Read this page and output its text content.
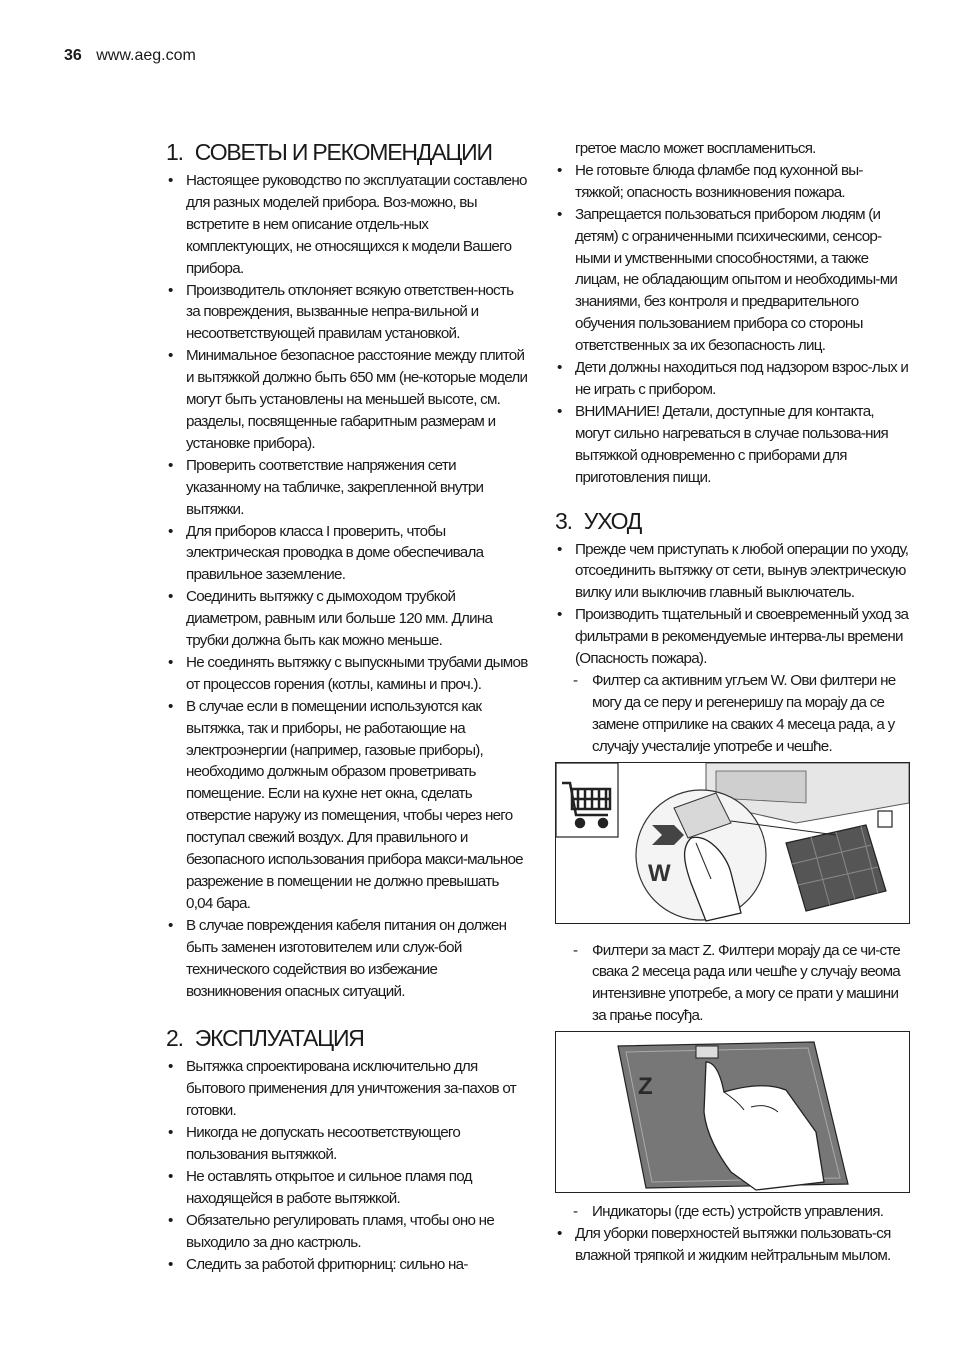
36 www.aeg.com
1. СОВЕТЫ И РЕКОМЕНДАЦИИ
• Настоящее руководство по эксплуатации составлено для разных моделей прибора. Воз-можно, вы встретите в нем описание отдель-ных комплектующих, не относящихся к модели Вашего прибора.
• Производитель отклоняет всякую ответствен-ность за повреждения, вызванные непра-вильной и несоответствующей правилам установкой.
• Минимальное безопасное расстояние между плитой и вытяжкой должно быть 650 мм (не-которые модели могут быть установлены на меньшей высоте, см. разделы, посвященные габаритным размерам и установке прибора).
• Проверить соответствие напряжения сети указанному на табличке, закрепленной внутри вытяжки.
• Для приборов класса I проверить, чтобы электрическая проводка в доме обеспечивала правильное заземление.
• Соединить вытяжку с дымоходом трубкой диаметром, равным или больше 120 мм. Длина трубки должна быть как можно меньше.
• Не соединять вытяжку с выпускными трубами дымов от процессов горения (котлы, камины и проч.).
• В случае если в помещении используются как вытяжка, так и приборы, не работающие на электроэнергии (например, газовые приборы), необходимо должным образом проветривать помещение. Если на кухне нет окна, сделать отверстие наружу из помещения, чтобы через него поступал свежий воздух. Для правильного и безопасного использования прибора макси-мальное разрежение в помещении не должно превышать 0,04 бара.
• В случае повреждения кабеля питания он должен быть заменен изготовителем или служ-бой технического содействия во избежание возникновения опасных ситуаций.
2. ЭКСПЛУАТАЦИЯ
• Вытяжка спроектирована исключительно для бытового применения для уничтожения за-пахов от готовки.
• Никогда не допускать несоответствующего пользования вытяжкой.
• Не оставлять открытое и сильное пламя под находящейся в работе вытяжкой.
• Обязательно регулировать пламя, чтобы оно не выходило за дно кастрюль.
• Следить за работой фритюрниц: сильно на-
гретое масло может воспламениться.
• Не готовьте блюда фламбе под кухонной вы-тяжкой; опасность возникновения пожара.
• Запрещается пользоваться прибором людям (и детям) с ограниченными психическими, сенсор-ными и умственными способностями, а также лицам, не обладающим опытом и необходимы-ми знаниями, без контроля и предварительного обучения пользованием прибора со стороны ответственных за их безопасность лиц.
• Дети должны находиться под надзором взрос-лых и не играть с прибором.
• ВНИМАНИЕ! Детали, доступные для контакта, могут сильно нагреваться в случае пользова-ния вытяжкой одновременно с приборами для приготовления пищи.
3. УХОД
• Прежде чем приступать к любой операции по уходу, отсоединить вытяжку от сети, вынув электрическую вилку или выключив главный выключатель.
• Производить тщательный и своевременный уход за фильтрами в рекомендуемые интерва-лы времени (Опасность пожара).
- Филтер са активним угљем W. Ови филтери не могу да се перу и регенеришу па морају да се замене отприлике на сваких 4 месеца рада, а у случају учесталије употребе и чешће.
W
- Филтери за маст Z. Филтери морају да се чи-сте свака 2 месеца рада или чешће у случају веома интензивне употребе, а могу се прати у машини за прање посуђа.
Z
- Индикаторы (где есть) устройств управления.
• Для уборки поверхностей вытяжки пользовать-ся влажной тряпкой и жидким нейтральным мылом.
